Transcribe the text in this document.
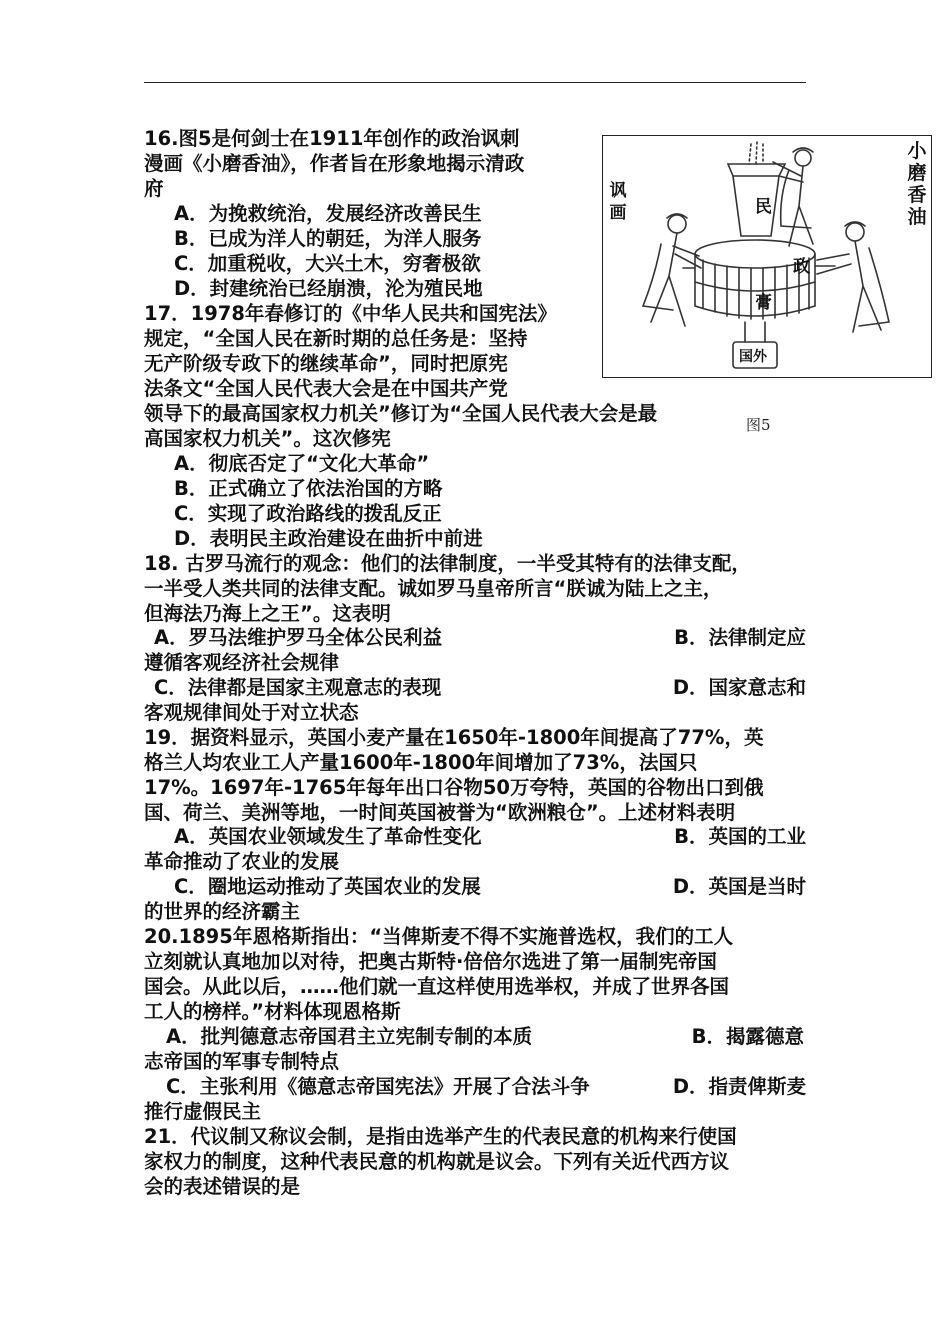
16.图5是何剑士在1911年创作的政治讽刺
漫画《小磨香油》，作者旨在形象地揭示清政
府
A．为挽救统治，发展经济改善民生
B．已成为洋人的朝廷，为洋人服务
C．加重税收，大兴土木，穷奢极欲
D．封建统治已经崩溃，沦为殖民地
小
磨
香
油
讽
画	民
膏
政
国外
图5
17．1978年春修订的《中华人民共和国宪法》
规定，“全国人民在新时期的总任务是：坚持
无产阶级专政下的继续革命”，同时把原宪
法条文“全国人民代表大会是在中国共产党
领导下的最高国家权力机关”修订为“全国人民代表大会是最
高国家权力机关”。这次修宪
A．彻底否定了“文化大革命”
B．正式确立了依法治国的方略
C．实现了政治路线的拨乱反正
D．表明民主政治建设在曲折中前进
18. 古罗马流行的观念：他们的法律制度，一半受其特有的法律支配，
一半受人类共同的法律支配。诚如罗马皇帝所言“朕诚为陆上之主，
但海法乃海上之王”。这表明
A．罗马法维护罗马全体公民利益	B．法律制定应
遵循客观经济社会规律
C．法律都是国家主观意志的表现	D．国家意志和
客观规律间处于对立状态
19．据资料显示，英国小麦产量在1650年-1800年间提高了77%，英
格兰人均农业工人产量1600年-1800年间增加了73%，法国只
17%。1697年-1765年每年出口谷物50万夸特，英国的谷物出口到俄
国、荷兰、美洲等地，一时间英国被誉为“欧洲粮仓”。上述材料表明
A．英国农业领域发生了革命性变化	B．英国的工业
革命推动了农业的发展
C．圈地运动推动了英国农业的发展	D．英国是当时
的世界的经济霸主
20.1895年恩格斯指出：“当俾斯麦不得不实施普选权，我们的工人
立刻就认真地加以对待，把奥古斯特·倍倍尔选进了第一届制宪帝国
国会。从此以后，……他们就一直这样使用选举权，并成了世界各国
工人的榜样。”材料体现恩格斯
A．批判德意志帝国君主立宪制专制的本质	B．揭露德意
志帝国的军事专制特点
C．主张利用《德意志帝国宪法》开展了合法斗争	D．指责俾斯麦
推行虚假民主
21．代议制又称议会制，是指由选举产生的代表民意的机构来行使国
家权力的制度，这种代表民意的机构就是议会。下列有关近代西方议
会的表述错误的是
